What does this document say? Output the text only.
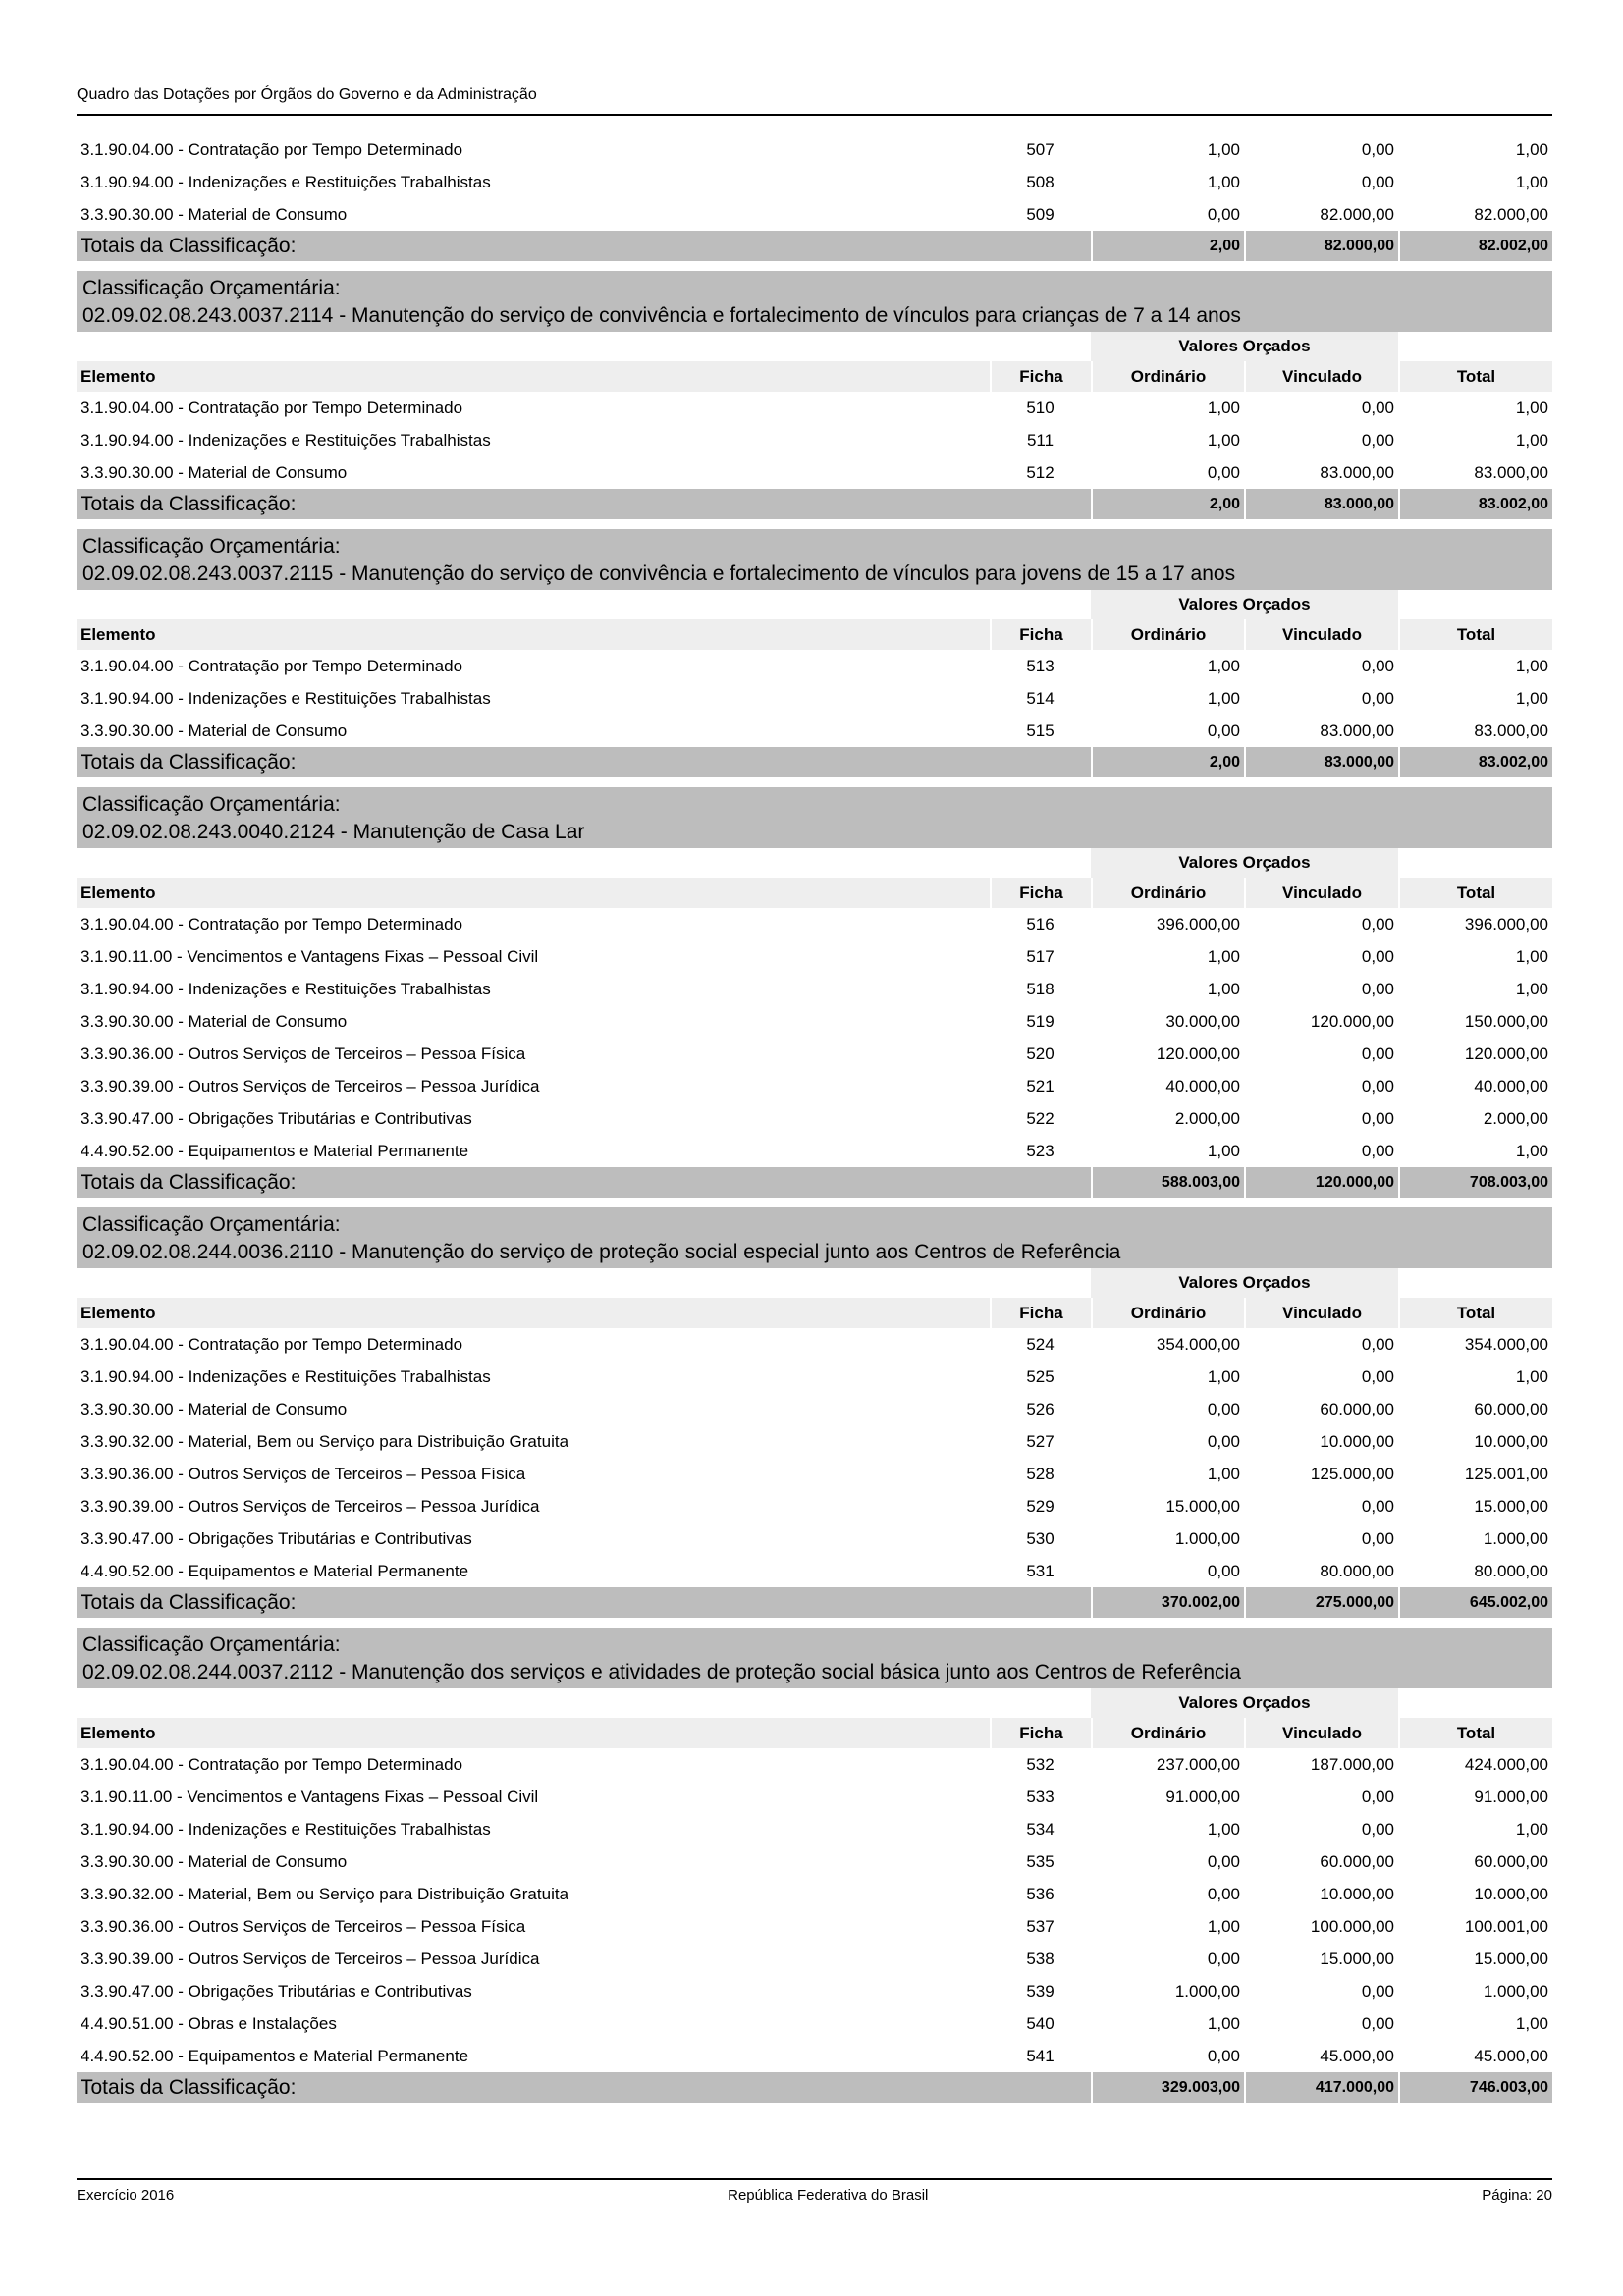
Quadro das Dotações por Órgãos do Governo e da Administração
3.1.90.04.00 - Contratação por Tempo Determinado	507	1,00	0,00	1,00
3.1.90.94.00 - Indenizações e Restituições Trabalhistas	508	1,00	0,00	1,00
3.3.90.30.00 - Material de Consumo	509	0,00	82.000,00	82.000,00
Totais da Classificação:		2,00	82.000,00	82.002,00

Classificação Orçamentária:
02.09.02.08.243.0037.2114 - Manutenção do serviço de convivência e fortalecimento de vínculos para crianças de 7 a 14 anos				

		Valores Orçados		
Elemento	Ficha	Ordinário	Vinculado	Total
3.1.90.04.00 - Contratação por Tempo Determinado	510	1,00	0,00	1,00
3.1.90.94.00 - Indenizações e Restituições Trabalhistas	511	1,00	0,00	1,00
3.3.90.30.00 - Material de Consumo	512	0,00	83.000,00	83.000,00
Totais da Classificação:		2,00	83.000,00	83.002,00

Classificação Orçamentária:
02.09.02.08.243.0037.2115 - Manutenção do serviço de convivência e fortalecimento de vínculos para jovens de 15 a 17 anos				

		Valores Orçados		
Elemento	Ficha	Ordinário	Vinculado	Total
3.1.90.04.00 - Contratação por Tempo Determinado	513	1,00	0,00	1,00
3.1.90.94.00 - Indenizações e Restituições Trabalhistas	514	1,00	0,00	1,00
3.3.90.30.00 - Material de Consumo	515	0,00	83.000,00	83.000,00
Totais da Classificação:		2,00	83.000,00	83.002,00

Classificação Orçamentária:
02.09.02.08.243.0040.2124 - Manutenção de Casa Lar				

		Valores Orçados		
Elemento	Ficha	Ordinário	Vinculado	Total
3.1.90.04.00 - Contratação por Tempo Determinado	516	396.000,00	0,00	396.000,00
3.1.90.11.00 - Vencimentos e Vantagens Fixas – Pessoal Civil	517	1,00	0,00	1,00
3.1.90.94.00 - Indenizações e Restituições Trabalhistas	518	1,00	0,00	1,00
3.3.90.30.00 - Material de Consumo	519	30.000,00	120.000,00	150.000,00
3.3.90.36.00 - Outros Serviços de Terceiros – Pessoa Física	520	120.000,00	0,00	120.000,00
3.3.90.39.00 - Outros Serviços de Terceiros – Pessoa Jurídica	521	40.000,00	0,00	40.000,00
3.3.90.47.00 - Obrigações Tributárias e Contributivas	522	2.000,00	0,00	2.000,00
4.4.90.52.00 - Equipamentos e Material Permanente	523	1,00	0,00	1,00
Totais da Classificação:		588.003,00	120.000,00	708.003,00

Classificação Orçamentária:
02.09.02.08.244.0036.2110 - Manutenção do serviço de proteção social especial junto aos Centros de Referência				

		Valores Orçados		
Elemento	Ficha	Ordinário	Vinculado	Total
3.1.90.04.00 - Contratação por Tempo Determinado	524	354.000,00	0,00	354.000,00
3.1.90.94.00 - Indenizações e Restituições Trabalhistas	525	1,00	0,00	1,00
3.3.90.30.00 - Material de Consumo	526	0,00	60.000,00	60.000,00
3.3.90.32.00 - Material, Bem ou Serviço para Distribuição Gratuita	527	0,00	10.000,00	10.000,00
3.3.90.36.00 - Outros Serviços de Terceiros – Pessoa Física	528	1,00	125.000,00	125.001,00
3.3.90.39.00 - Outros Serviços de Terceiros – Pessoa Jurídica	529	15.000,00	0,00	15.000,00
3.3.90.47.00 - Obrigações Tributárias e Contributivas	530	1.000,00	0,00	1.000,00
4.4.90.52.00 - Equipamentos e Material Permanente	531	0,00	80.000,00	80.000,00
Totais da Classificação:		370.002,00	275.000,00	645.002,00

Classificação Orçamentária:
02.09.02.08.244.0037.2112 - Manutenção dos serviços e atividades de proteção social básica junto aos Centros de Referência				

		Valores Orçados		
Elemento	Ficha	Ordinário	Vinculado	Total
3.1.90.04.00 - Contratação por Tempo Determinado	532	237.000,00	187.000,00	424.000,00
3.1.90.11.00 - Vencimentos e Vantagens Fixas – Pessoal Civil	533	91.000,00	0,00	91.000,00
3.1.90.94.00 - Indenizações e Restituições Trabalhistas	534	1,00	0,00	1,00
3.3.90.30.00 - Material de Consumo	535	0,00	60.000,00	60.000,00
3.3.90.32.00 - Material, Bem ou Serviço para Distribuição Gratuita	536	0,00	10.000,00	10.000,00
3.3.90.36.00 - Outros Serviços de Terceiros – Pessoa Física	537	1,00	100.000,00	100.001,00
3.3.90.39.00 - Outros Serviços de Terceiros – Pessoa Jurídica	538	0,00	15.000,00	15.000,00
3.3.90.47.00 - Obrigações Tributárias e Contributivas	539	1.000,00	0,00	1.000,00
4.4.90.51.00 - Obras e Instalações	540	1,00	0,00	1,00
4.4.90.52.00 - Equipamentos e Material Permanente	541	0,00	45.000,00	45.000,00
Totais da Classificação:		329.003,00	417.000,00	746.003,00
Exercício 2016	República Federativa do Brasil	Página: 20
